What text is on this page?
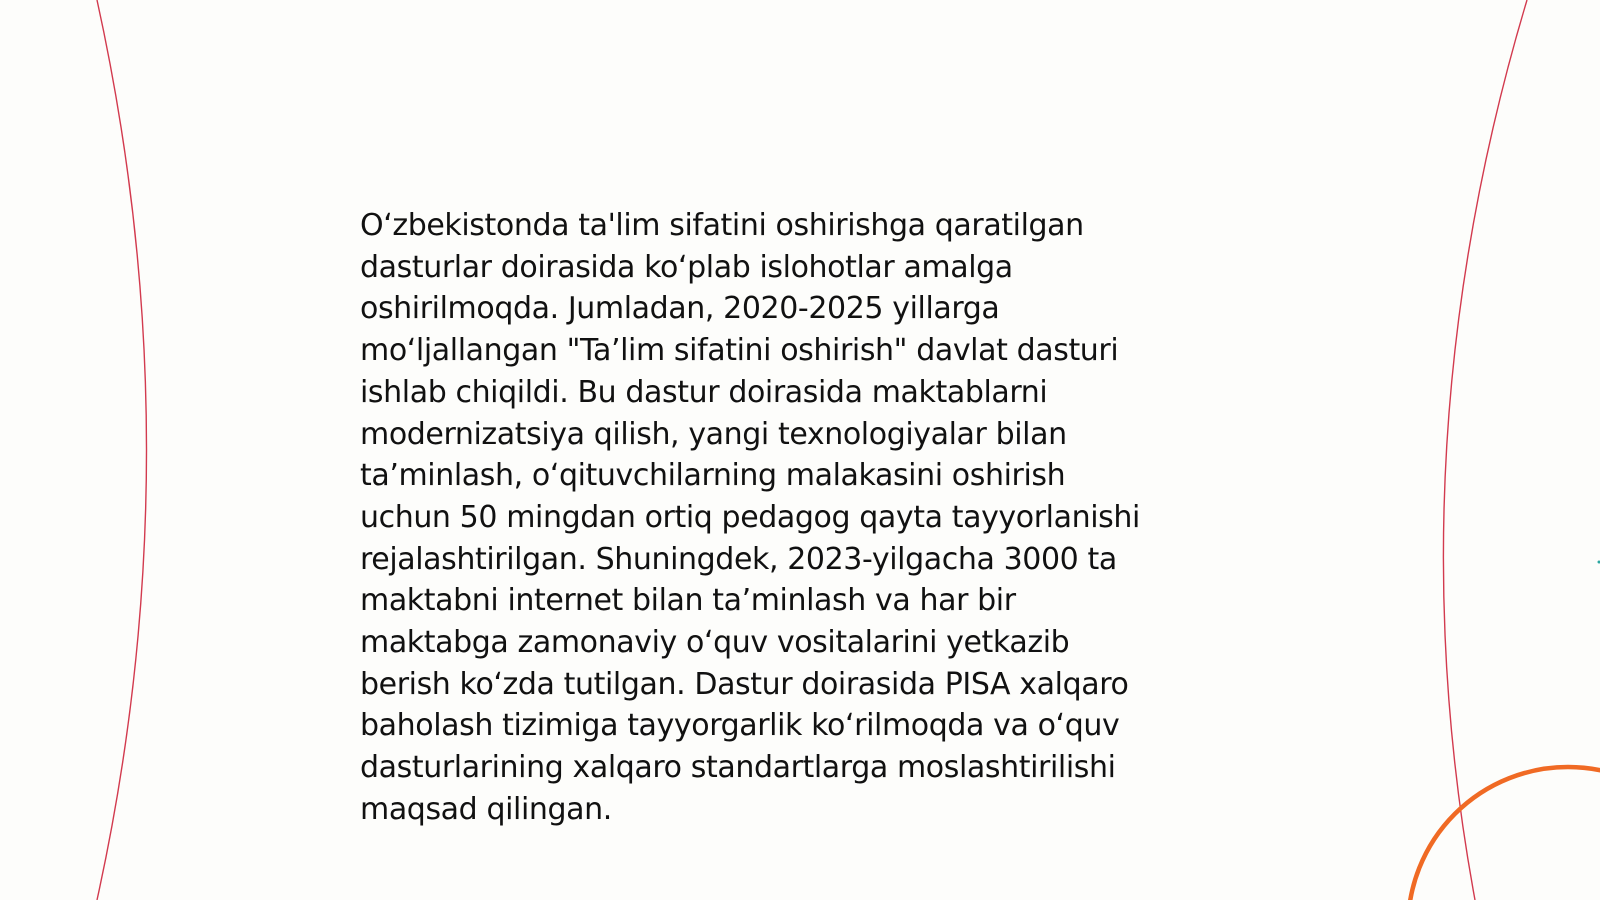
Oʻzbekistonda ta'lim sifatini oshirishga qaratilgan
dasturlar doirasida koʻplab islohotlar amalga
oshirilmoqda. Jumladan, 2020-2025 yillarga
moʻljallangan "Ta’lim sifatini oshirish" davlat dasturi
ishlab chiqildi. Bu dastur doirasida maktablarni
modernizatsiya qilish, yangi texnologiyalar bilan
ta’minlash, oʻqituvchilarning malakasini oshirish
uchun 50 mingdan ortiq pedagog qayta tayyorlanishi
rejalashtirilgan. Shuningdek, 2023-yilgacha 3000 ta
maktabni internet bilan ta’minlash va har bir
maktabga zamonaviy oʻquv vositalarini yetkazib
berish koʻzda tutilgan. Dastur doirasida PISA xalqaro
baholash tizimiga tayyorgarlik koʻrilmoqda va oʻquv
dasturlarining xalqaro standartlarga moslashtirilishi
maqsad qilingan.
